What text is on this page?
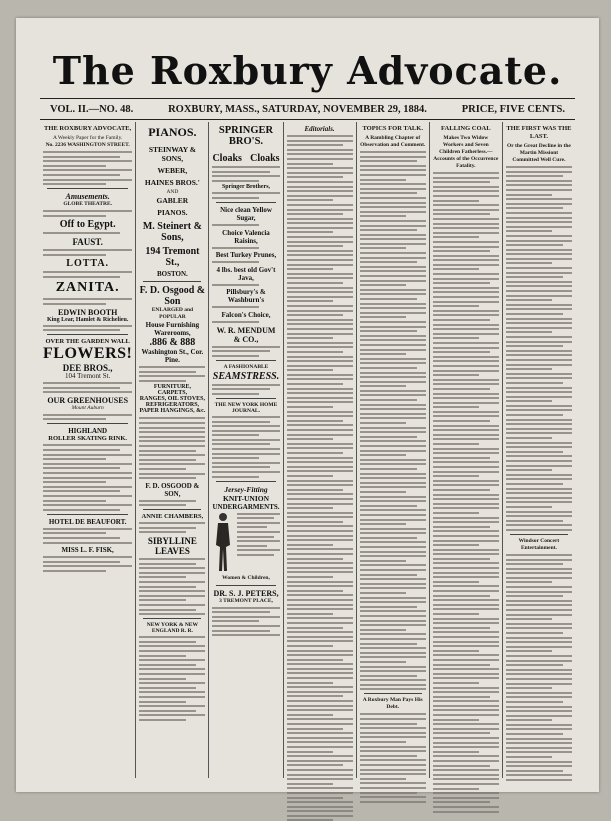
The Roxbury Advocate.
VOL. II.—NO. 48.	ROXBURY, MASS., SATURDAY, NOVEMBER 29, 1884.	PRICE, FIVE CENTS.
THE ROXBURY ADVOCATE,
A Weekly Paper for the Family.
No. 2236 WASHINGTON STREET.
Amusements.
GLOBE THEATRE.
Off to Egypt.
FAUST.
LOTTA.
ZANITA.
EDWIN BOOTH
King Lear, Hamlet & Richelieu.
OVER THE GARDEN WALL
FLOWERS!
DEE BROS.,
104 Tremont St.
OUR GREENHOUSES
Mount Auburn
HIGHLAND
ROLLER SKATING RINK.
HOTEL DE BEAUFORT.
MISS L. F. FISK,
PIANOS.
STEINWAY & SONS,
WEBER,
HAINES BROS.'
AND
GABLER
PIANOS.
M. Steinert & Sons,
194 Tremont St.,
BOSTON.
F. D. Osgood & Son
ENLARGED and POPULAR
House Furnishing Warerooms,
.886 & 888
Washington St., Cor. Pine.
FURNITURE, CARPETS,
RANGES, OIL STOVES,
REFRIGERATORS,
PAPER HANGINGS, &c.
F. D. OSGOOD & SON,
ANNIE CHAMBERS,
SIBYLLINE LEAVES
NEW YORK & NEW ENGLAND R. R.
SPRINGER BRO'S.
Cloaks Cloaks
Springer Brothers,
Nice clean Yellow Sugar,
Choice Valencia Raisins,
Best Turkey Prunes,
4 lbs. best old Gov't Java,
Pillsbury's & Washburn's
Falcon's Choice,
W. R. MENDUM & CO.,
A FASHIONABLE
SEAMSTRESS.
THE NEW YORK HOME JOURNAL.
Jersey-Fitting
KNIT-UNION
UNDERGARMENTS.
Women & Children,
DR. S. J. PETERS,
3 TREMONT PLACE,
Editorials.	TOPICS FOR TALK.
A Rambling Chapter of Observation and Comment.
A Roxbury Man Pays His Debt.
FALLING COAL
Makes Two Widow Workers and Seven Children Fatherless.—Accounts of the Occurrence Fatality.
THE FIRST WAS THE LAST.
Or the Great Decline in the Martin Missiont Committed Well Cure.
Windsor Concert Entertainment.
